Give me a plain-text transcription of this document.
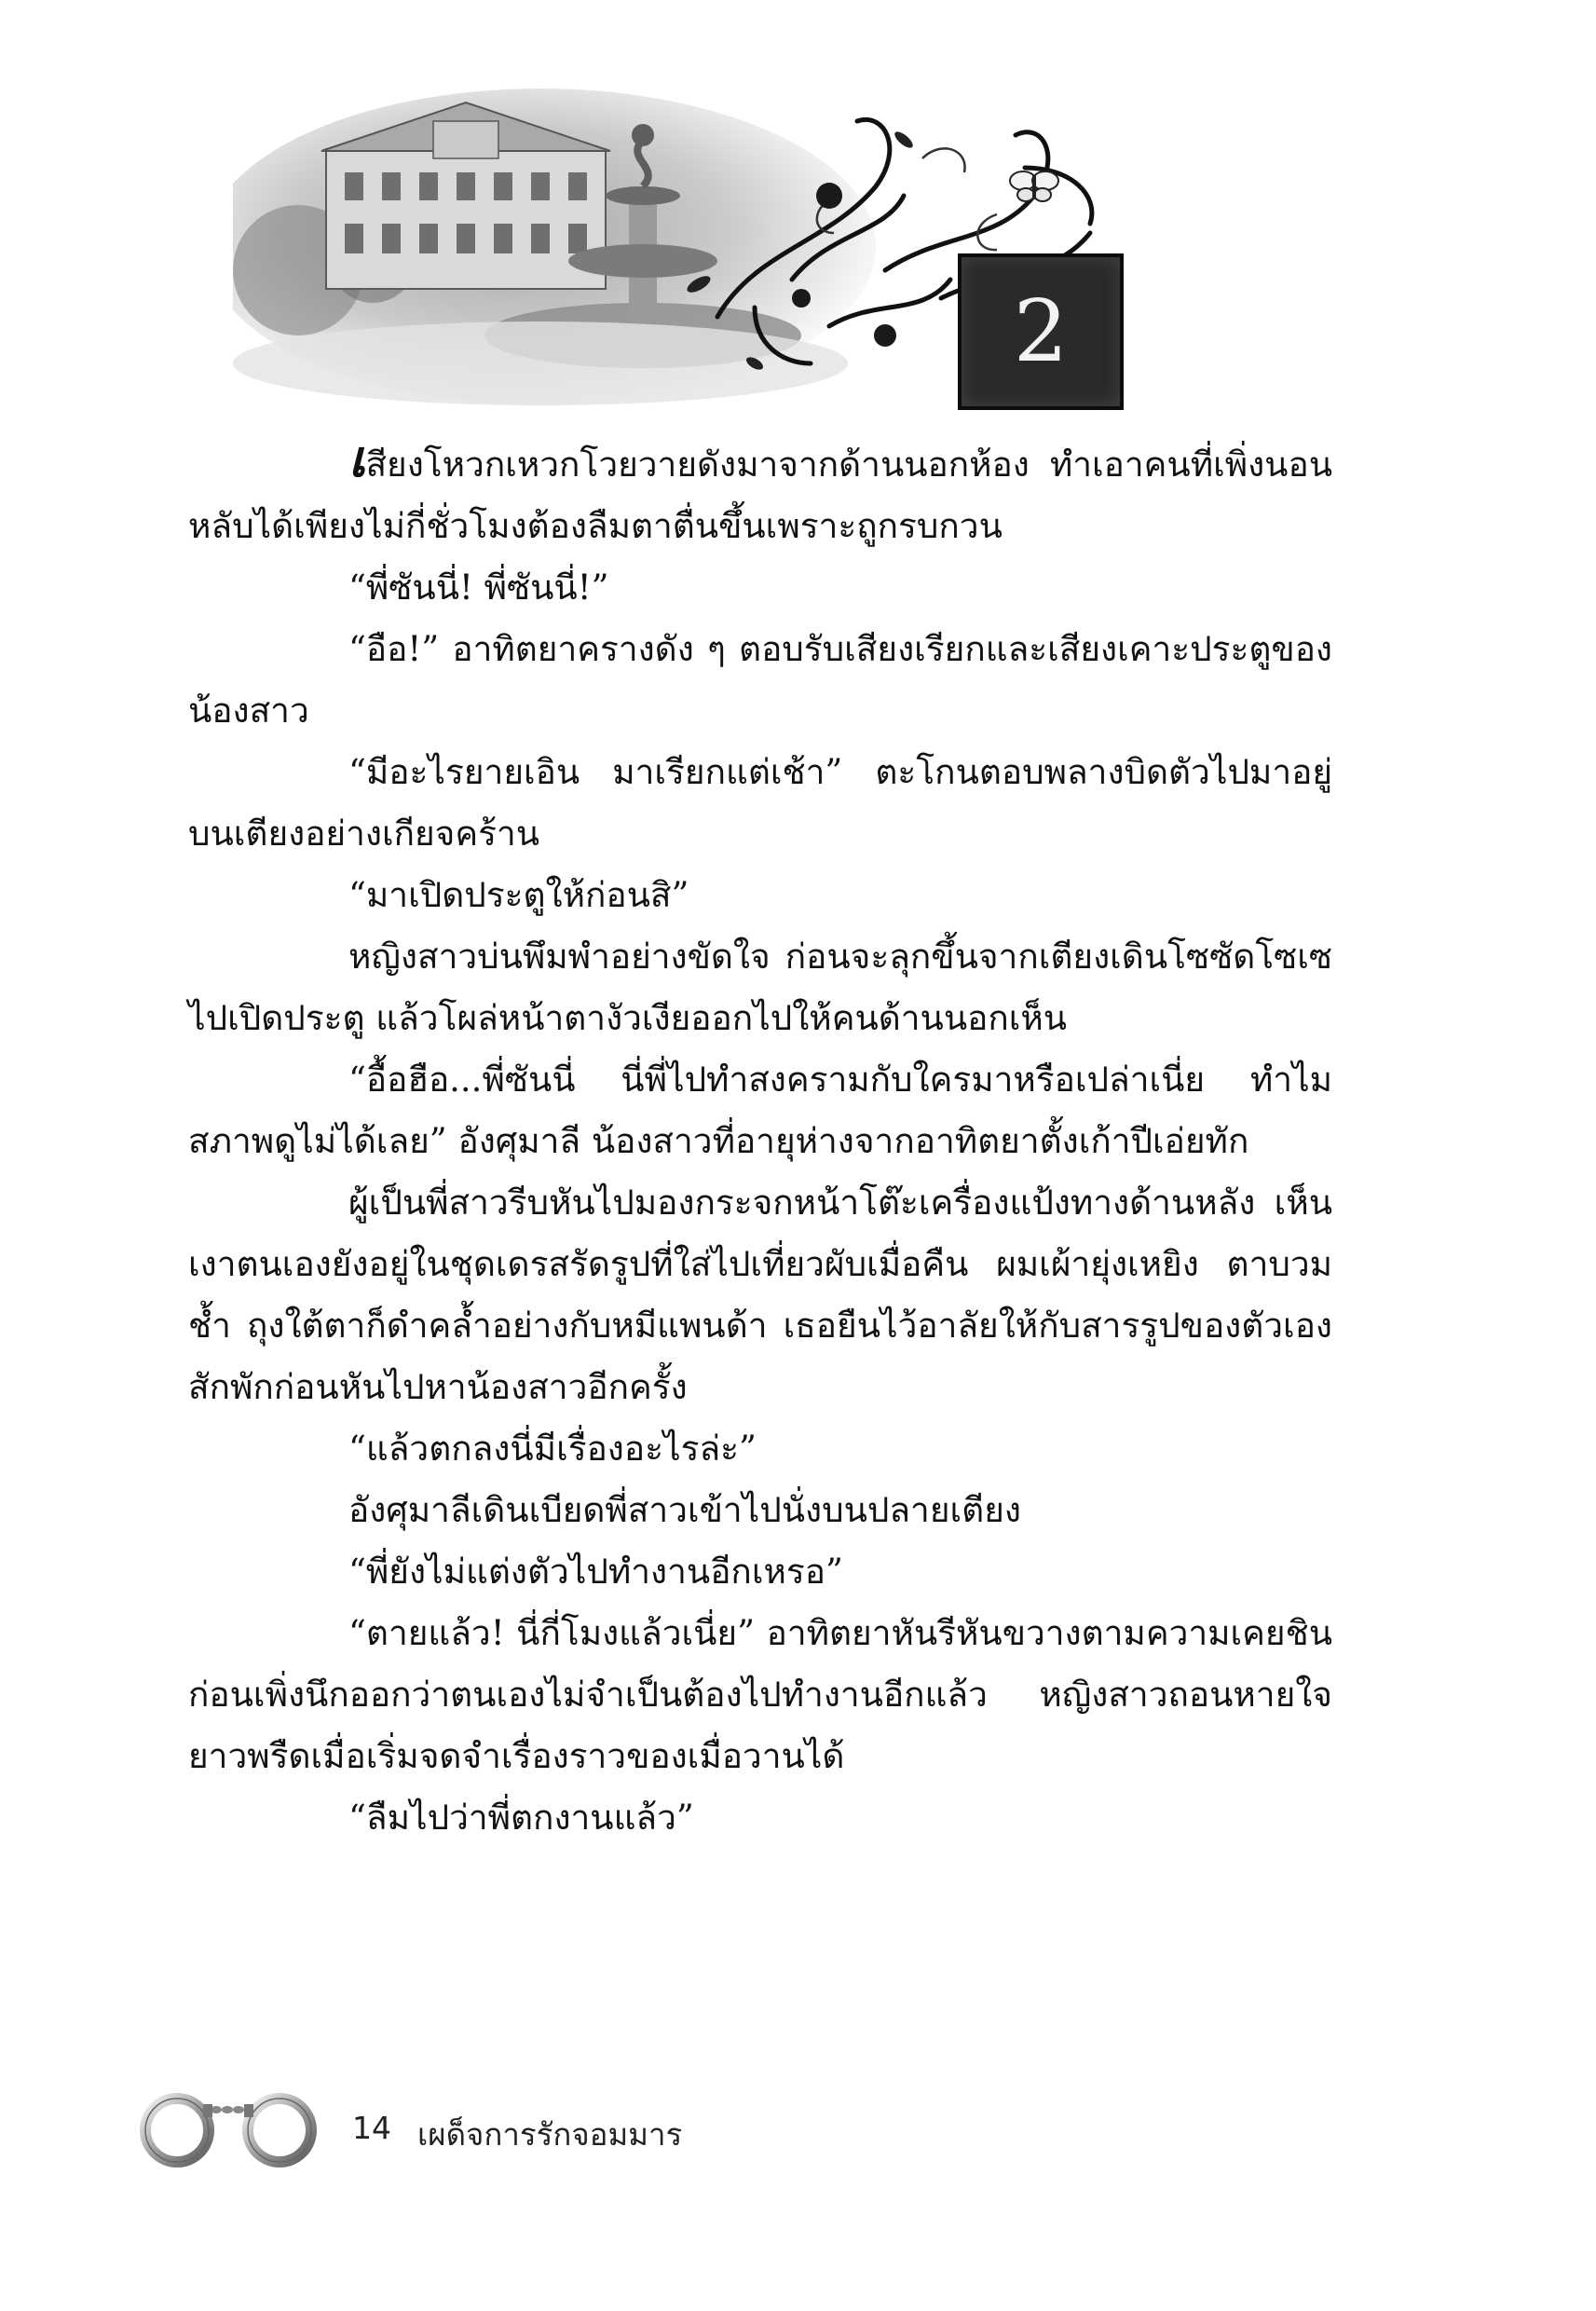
2

เสียงโหวกเหวกโวยวายดังมาจากด้านนอกห้อง ทำเอาคนที่เพิ่งนอนหลับได้เพียงไม่กี่ชั่วโมงต้องลืมตาตื่นขึ้นเพราะถูกรบกวน

“พี่ซันนี่! พี่ซันนี่!”

“อือ!” อาทิตยาครางดัง ๆ ตอบรับเสียงเรียกและเสียงเคาะประตูของน้องสาว

“มีอะไรยายเอิน มาเรียกแต่เช้า” ตะโกนตอบพลางบิดตัวไปมาอยู่บนเตียงอย่างเกียจคร้าน

“มาเปิดประตูให้ก่อนสิ”

หญิงสาวบ่นพึมพำอย่างขัดใจ ก่อนจะลุกขึ้นจากเตียงเดินโซซัดโซเซไปเปิดประตู แล้วโผล่หน้าตางัวเงียออกไปให้คนด้านนอกเห็น

“อื้อฮือ...พี่ซันนี่ นี่พี่ไปทำสงครามกับใครมาหรือเปล่าเนี่ย ทำไมสภาพดูไม่ได้เลย” อังศุมาลี น้องสาวที่อายุห่างจากอาทิตยาตั้งเก้าปีเอ่ยทัก

ผู้เป็นพี่สาวรีบหันไปมองกระจกหน้าโต๊ะเครื่องแป้งทางด้านหลัง เห็นเงาตนเองยังอยู่ในชุดเดรสรัดรูปที่ใส่ไปเที่ยวผับเมื่อคืน ผมเผ้ายุ่งเหยิง ตาบวมช้ำ ถุงใต้ตาก็ดำคล้ำอย่างกับหมีแพนด้า เธอยืนไว้อาลัยให้กับสารรูปของตัวเองสักพักก่อนหันไปหาน้องสาวอีกครั้ง

“แล้วตกลงนี่มีเรื่องอะไรล่ะ”

อังศุมาลีเดินเบียดพี่สาวเข้าไปนั่งบนปลายเตียง

“พี่ยังไม่แต่งตัวไปทำงานอีกเหรอ”

“ตายแล้ว! นี่กี่โมงแล้วเนี่ย” อาทิตยาหันรีหันขวางตามความเคยชิน ก่อนเพิ่งนึกออกว่าตนเองไม่จำเป็นต้องไปทำงานอีกแล้ว หญิงสาวถอนหายใจยาวพรืดเมื่อเริ่มจดจำเรื่องราวของเมื่อวานได้

“ลืมไปว่าพี่ตกงานแล้ว”

14 เผด็จการรักจอมมาร
